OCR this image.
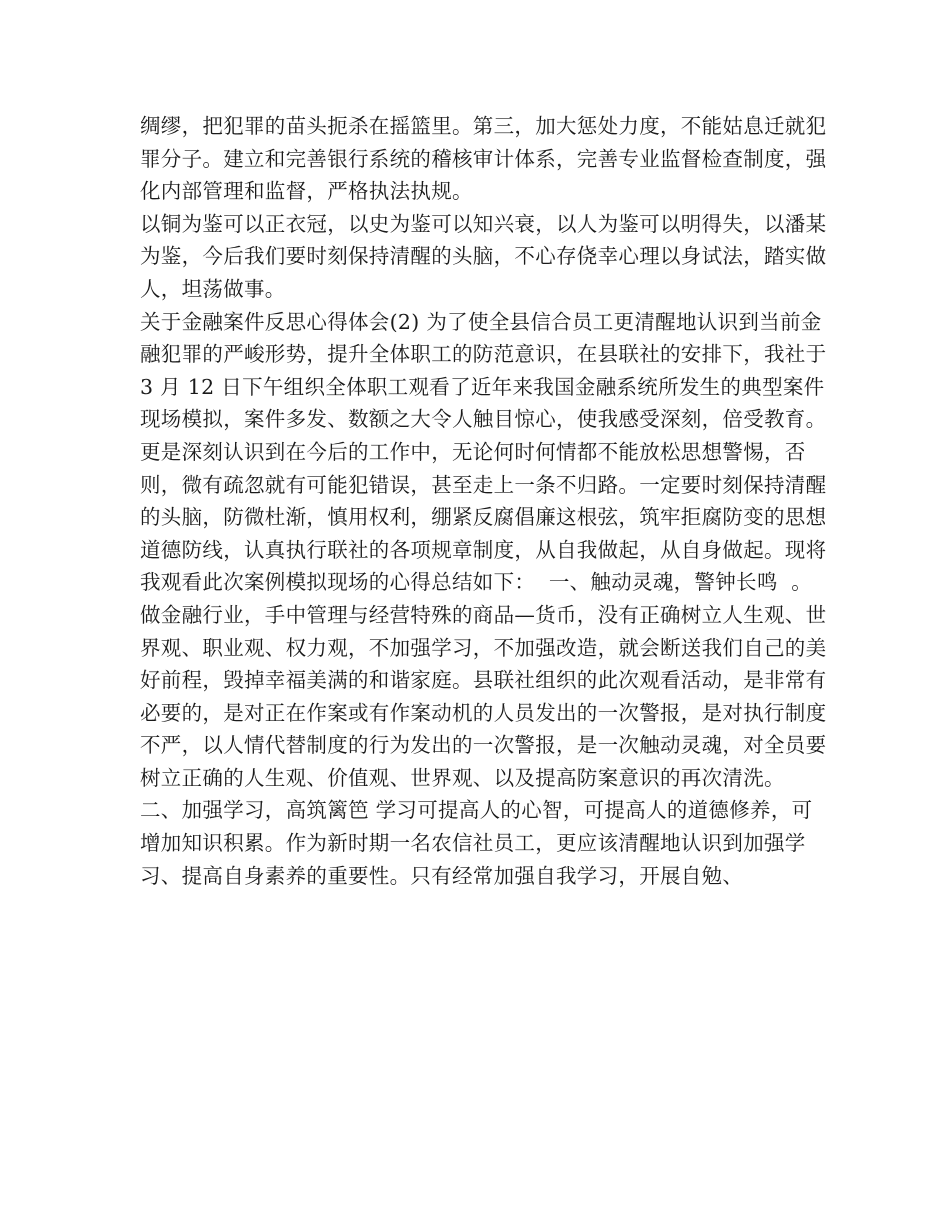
绸缪，把犯罪的苗头扼杀在摇篮里。第三，加大惩处力度，不能姑息迁就犯罪分子。建立和完善银行系统的稽核审计体系，完善专业监督检查制度，强化内部管理和监督，严格执法执规。

以铜为鉴可以正衣冠，以史为鉴可以知兴衰，以人为鉴可以明得失，以潘某为鉴，今后我们要时刻保持清醒的头脑，不心存侥幸心理以身试法，踏实做人，坦荡做事。

关于金融案件反思心得体会(2) 为了使全县信合员工更清醒地认识到当前金融犯罪的严峻形势，提升全体职工的防范意识，在县联社的安排下，我社于 3 月 12 日下午组织全体职工观看了近年来我国金融系统所发生的典型案件现场模拟，案件多发、数额之大令人触目惊心，使我感受深刻，倍受教育。

更是深刻认识到在今后的工作中，无论何时何情都不能放松思想警惕，否则，微有疏忽就有可能犯错误，甚至走上一条不归路。一定要时刻保持清醒的头脑，防微杜渐，慎用权利，绷紧反腐倡廉这根弦，筑牢拒腐防变的思想道德防线，认真执行联社的各项规章制度，从自我做起，从自身做起。现将我观看此次案例模拟现场的心得总结如下：  一、触动灵魂，警钟长鸣  。

做金融行业，手中管理与经营特殊的商品—货币，没有正确树立人生观、世界观、职业观、权力观，不加强学习，不加强改造，就会断送我们自己的美好前程，毁掉幸福美满的和谐家庭。县联社组织的此次观看活动，是非常有必要的，是对正在作案或有作案动机的人员发出的一次警报，是对执行制度不严，以人情代替制度的行为发出的一次警报，是一次触动灵魂，对全员要树立正确的人生观、价值观、世界观、以及提高防案意识的再次清洗。

二、加强学习，高筑篱笆 学习可提高人的心智，可提高人的道德修养，可增加知识积累。作为新时期一名农信社员工，更应该清醒地认识到加强学习、提高自身素养的重要性。只有经常加强自我学习，开展自勉、
